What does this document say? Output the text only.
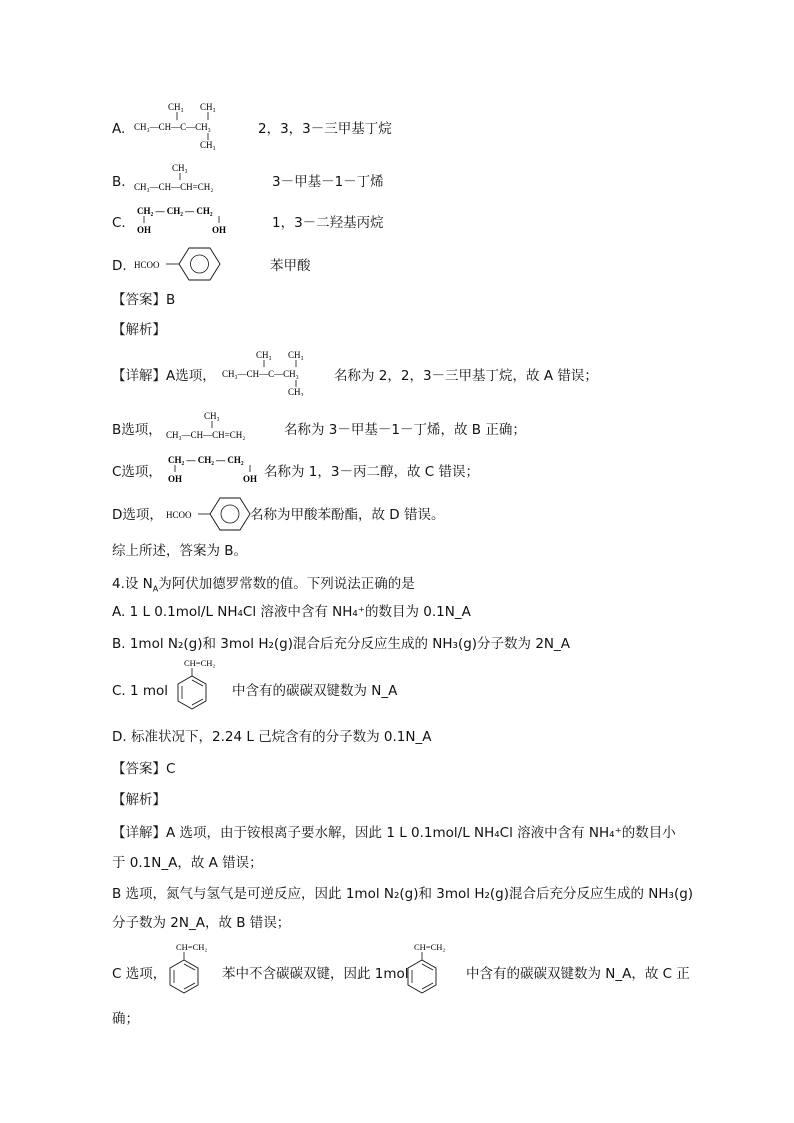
A.
CH₃ CH₃
CH₃—CH—C—CH₃
CH₃
2，3，3－三甲基丁烷
B.
CH₃
CH₃—CH—CH=CH₂	3－甲基－1－丁烯
C.
CH₂ — CH₂ — CH₂
OH	OH	1，3－二羟基丙烷
D. HCOO	苯甲酸
【答案】B
【解析】
【详解】A选项，
CH₃ CH₃
CH₃—CH—C—CH₃
CH₃
名称为 2，2，3－三甲基丁烷，故 A 错误；
B选项，
CH₃
CH₃—CH—CH=CH₂	名称为 3－甲基－1－丁烯，故 B 正确；
C选项，
CH₂ — CH₂ — CH₂
OH	OH 名称为 1，3－丙二醇，故 C 错误；
D选项， HCOO	名称为甲酸苯酚酯，故 D 错误。
综上所述，答案为 B。
4.设 $N_A$为阿伏加德罗常数的值。下列说法正确的是
A. 1 L 0.1mol/L NH₄Cl 溶液中含有 NH₄⁺的数目为 0.1N_A
B. 1mol N₂(g)和 3mol H₂(g)混合后充分反应生成的 NH₃(g)分子数为 2N_A
C. 1 mol
CH=CH₂
中含有的碳碳双键数为 N_A
D. 标准状况下，2.24 L 己烷含有的分子数为 0.1N_A
【答案】C
【解析】
【详解】A 选项，由于铵根离子要水解，因此 1 L 0.1mol/L NH₄Cl 溶液中含有 NH₄⁺的数目小
于 0.1N_A，故 A 错误；
B 选项，氮气与氢气是可逆反应，因此 1mol N₂(g)和 3mol H₂(g)混合后充分反应生成的 NH₃(g)
分子数为 2N_A，故 B 错误；
C 选项，
CH=CH₂
苯中不含碳碳双键，因此 1mol
CH=CH₂
中含有的碳碳双键数为 N_A，故 C 正
确；
